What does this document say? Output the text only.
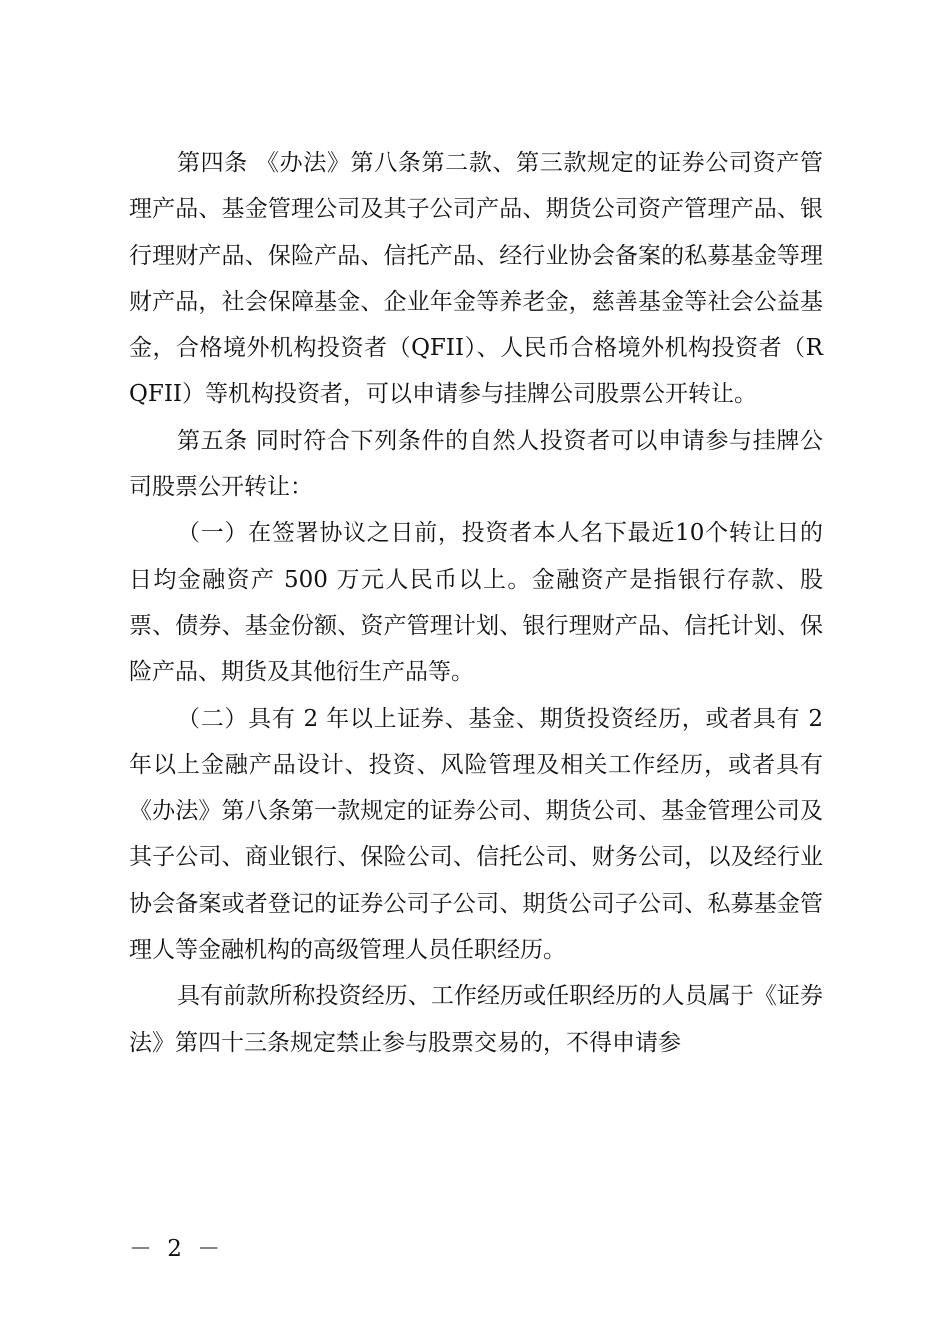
第四条 《办法》第八条第二款、第三款规定的证券公司资产管理产品、基金管理公司及其子公司产品、期货公司资产管理产品、银行理财产品、保险产品、信托产品、经行业协会备案的私募基金等理财产品，社会保障基金、企业年金等养老金，慈善基金等社会公益基金，合格境外机构投资者（QFII）、人民币合格境外机构投资者（RQFII）等机构投资者，可以申请参与挂牌公司股票公开转让。

第五条 同时符合下列条件的自然人投资者可以申请参与挂牌公司股票公开转让：

（一）在签署协议之日前，投资者本人名下最近10个转让日的日均金融资产 500 万元人民币以上。金融资产是指银行存款、股票、债券、基金份额、资产管理计划、银行理财产品、信托计划、保险产品、期货及其他衍生产品等。

（二）具有 2 年以上证券、基金、期货投资经历，或者具有 2 年以上金融产品设计、投资、风险管理及相关工作经历，或者具有《办法》第八条第一款规定的证券公司、期货公司、基金管理公司及其子公司、商业银行、保险公司、信托公司、财务公司，以及经行业协会备案或者登记的证券公司子公司、期货公司子公司、私募基金管理人等金融机构的高级管理人员任职经历。

具有前款所称投资经历、工作经历或任职经历的人员属于《证券法》第四十三条规定禁止参与股票交易的，不得申请参

－ 2 －
